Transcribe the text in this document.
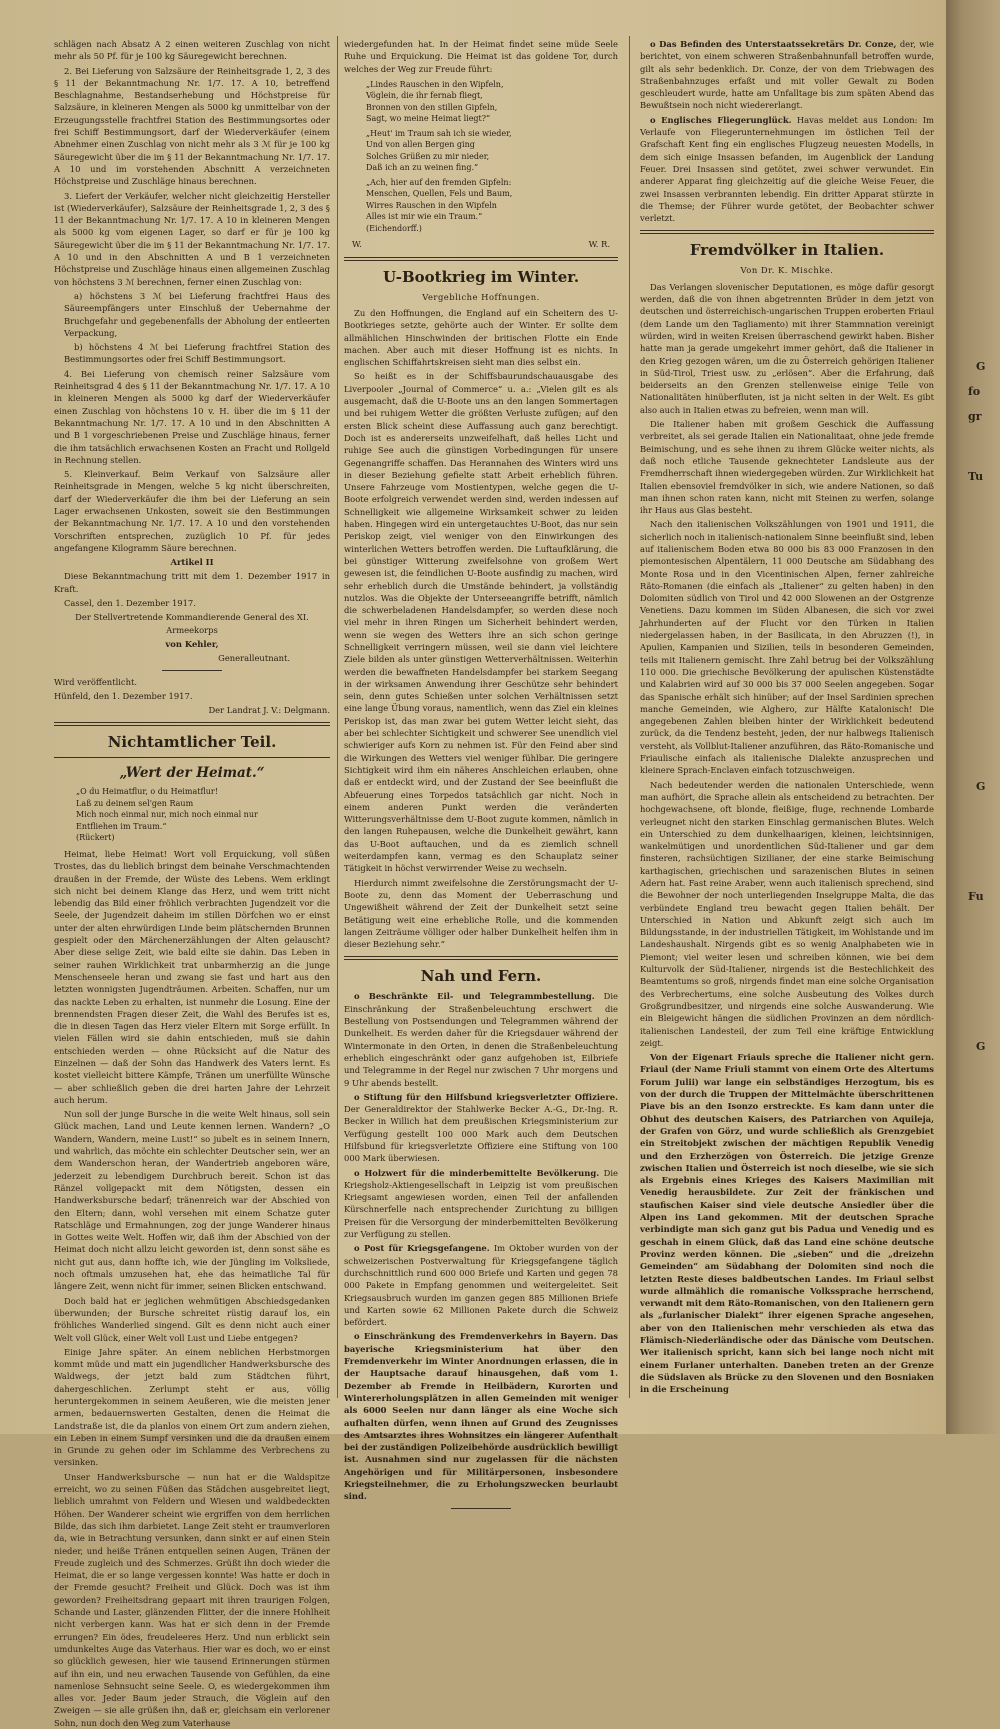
schlägen nach Absatz A 2 einen weiteren Zuschlag von nicht mehr als 50 Pf. für je 100 kg Säuregewicht berechnen.

2. Bei Lieferung von Salzsäure der Reinheitsgrade 1, 2, 3 des § 11 der Bekanntmachung Nr. 1/7. 17. A 10, betreffend Beschlagnahme, Bestandserhebung und Höchstpreise für Salzsäure, in kleineren Mengen als 5000 kg unmittelbar von der Erzeugungsstelle frachtfrei Station des Bestimmungsortes oder frei Schiff Bestimmungsort, darf der Wiederverkäufer (einem Abnehmer einen Zuschlag von nicht mehr als 3 ℳ für je 100 kg Säuregewicht über die im § 11 der Bekanntmachung Nr. 1/7. 17. A 10 und im vorstehenden Abschnitt A verzeichneten Höchstpreise und Zuschläge hinaus berechnen.

3. Liefert der Verkäufer, welcher nicht gleichzeitig Hersteller ist (Wiederverkäufer), Salzsäure der Reinheitsgrade 1, 2, 3 des § 11 der Bekanntmachung Nr. 1/7. 17. A 10 in kleineren Mengen als 5000 kg vom eigenen Lager, so darf er für je 100 kg Säuregewicht über die im § 11 der Bekanntmachung Nr. 1/7. 17. A 10 und in den Abschnitten A und B 1 verzeichneten Höchstpreise und Zuschläge hinaus einen allgemeinen Zuschlag von höchstens 3 ℳ berechnen, ferner einen Zuschlag von:

a) höchstens 3 ℳ bei Lieferung frachtfrei Haus des Säureempfängers unter Einschluß der Uebernahme der Bruchgefahr und gegebenenfalls der Abholung der entleerten Verpackung,

b) höchstens 4 ℳ bei Lieferung frachtfrei Station des Bestimmungsortes oder frei Schiff Bestimmungsort.

4. Bei Lieferung von chemisch reiner Salzsäure vom Reinheitsgrad 4 des § 11 der Bekanntmachung Nr. 1/7. 17. A 10 in kleineren Mengen als 5000 kg darf der Wiederverkäufer einen Zuschlag von höchstens 10 v. H. über die im § 11 der Bekanntmachung Nr. 1/7. 17. A 10 und in den Abschnitten A und B 1 vorgeschriebenen Preise und Zuschläge hinaus, ferner die ihm tatsächlich erwachsenen Kosten an Fracht und Rollgeld in Rechnung stellen.

5. Kleinverkauf. Beim Verkauf von Salzsäure aller Reinheitsgrade in Mengen, welche 5 kg nicht überschreiten, darf der Wiederverkäufer die ihm bei der Lieferung an sein Lager erwachsenen Unkosten, soweit sie den Bestimmungen der Bekanntmachung Nr. 1/7. 17. A 10 und den vorstehenden Vorschriften entsprechen, zuzüglich 10 Pf. für jedes angefangene Kilogramm Säure berechnen.

Artikel II

Diese Bekanntmachung tritt mit dem 1. Dezember 1917 in Kraft.

Cassel, den 1. Dezember 1917.

Der Stellvertretende Kommandierende General des XI. Armeekorps

von Kehler,

Generalleutnant.

Wird veröffentlicht.

Hünfeld, den 1. Dezember 1917.

Der Landrat J. V.: Delgmann.

Nichtamtlicher Teil.
„Wert der Heimat.“
„O du Heimatflur, o du Heimatflur!
Laß zu deinem sel'gen Raum
Mich noch einmal nur, mich noch einmal nur
Entfliehen im Traum.“
(Rückert)

Heimat, liebe Heimat! Wort voll Erquickung, voll süßen Trostes, das du lieblich bringst dem beinahe Verschmachtenden draußen in der Fremde, der Wüste des Lebens. Wem erklingt sich nicht bei deinem Klange das Herz, und wem tritt nicht lebendig das Bild einer fröhlich verbrachten Jugendzeit vor die Seele, der Jugendzeit daheim im stillen Dörfchen wo er einst unter der alten ehrwürdigen Linde beim plätschernden Brunnen gespielt oder den Märchenerzählungen der Alten gelauscht? Aber diese selige Zeit, wie bald eilte sie dahin. Das Leben in seiner rauhen Wirklichkeit trat unbarmherzig an die junge Menschenseele heran und zwang sie fast und hart aus den letzten wonnigsten Jugendträumen. Arbeiten. Schaffen, nur um das nackte Leben zu erhalten, ist nunmehr die Losung. Eine der brennendsten Fragen dieser Zeit, die Wahl des Berufes ist es, die in diesen Tagen das Herz vieler Eltern mit Sorge erfüllt. In vielen Fällen wird sie dahin entschieden, muß sie dahin entschieden werden — ohne Rücksicht auf die Natur des Einzelnen — daß der Sohn das Handwerk des Vaters lernt. Es kostet vielleicht bittere Kämpfe, Tränen um unerfüllte Wünsche — aber schließlich geben die drei harten Jahre der Lehrzeit auch herum.

Nun soll der junge Bursche in die weite Welt hinaus, soll sein Glück machen, Land und Leute kennen lernen. Wandern? „O Wandern, Wandern, meine Lust!“ so jubelt es in seinem Innern, und wahrlich, das möchte ein schlechter Deutscher sein, wer an dem Wanderschon heran, der Wandertrieb angeboren wäre, jederzeit zu lebendigem Durchbruch bereit. Schon ist das Ränzel vollgepackt mit dem Nötigsten, dessen ein Handwerksbursche bedarf; tränenreich war der Abschied von den Eltern; dann, wohl versehen mit einem Schatze guter Ratschläge und Ermahnungen, zog der junge Wanderer hinaus in Gottes weite Welt. Hoffen wir, daß ihm der Abschied von der Heimat doch nicht allzu leicht geworden ist, denn sonst sähe es nicht gut aus, dann hoffte ich, wie der Jüngling im Volksliede, noch oftmals umzusehen hat, ehe das heimatliche Tal für längere Zeit, wenn nicht für immer, seinen Blicken entschwand.

Doch bald hat er jeglichen wehmütigen Abschiedsgedanken überwunden; der Bursche schreitet rüstig darauf los, ein fröhliches Wanderlied singend. Gilt es denn nicht auch einer Welt voll Glück, einer Welt voll Lust und Liebe entgegen?

Einige Jahre später. An einem neblichen Herbstmorgen kommt müde und matt ein jugendlicher Handwerksbursche des Waldwegs, der jetzt bald zum Städtchen führt, dahergeschlichen. Zerlumpt steht er aus, völlig heruntergekommen in seinem Aeußeren, wie die meisten jener armen, bedauernswerten Gestalten, denen die Heimat die Landstraße ist, die da planlos von einem Ort zum andern ziehen, ein Leben in einem Sumpf versinken und die da draußen einem in Grunde zu gehen oder im Schlamme des Verbrechens zu versinken.

Unser Handwerksbursche — nun hat er die Waldspitze erreicht, wo zu seinen Füßen das Städchen ausgebreitet liegt, lieblich umrahmt von Feldern und Wiesen und waldbedeckten Höhen. Der Wanderer scheint wie ergriffen von dem herrlichen Bilde, das sich ihm darbietet. Lange Zeit steht er traumverloren da, wie in Betrachtung versunken, dann sinkt er auf einen Stein nieder, und heiße Tränen entquellen seinen Augen, Tränen der Freude zugleich und des Schmerzes. Grüßt ihn doch wieder die Heimat, die er so lange vergessen konnte! Was hatte er doch in der Fremde gesucht? Freiheit und Glück. Doch was ist ihm geworden? Freiheitsdrang gepaart mit ihren traurigen Folgen, Schande und Laster, glänzenden Flitter, der die innere Hohlheit nicht verbergen kann. Was hat er sich denn in der Fremde errungen? Ein ödes, freudeleeres Herz. Und nun erblickt sein umdunkeltes Auge das Vaterhaus. Hier war es doch, wo er einst so glücklich gewesen, hier wie tausend Erinnerungen stürmen auf ihn ein, und neu erwachen Tausende von Gefühlen, da eine namenlose Sehnsucht seine Seele. O, es wiedergekommen ihm alles vor. Jeder Baum jeder Strauch, die Vöglein auf den Zweigen — sie alle grüßen ihn, daß er, gleichsam ein verlorener Sohn, nun doch den Weg zum Vaterhause

wiedergefunden hat. In der Heimat findet seine müde Seele Ruhe und Erquickung. Die Heimat ist das goldene Tor, durch welches der Weg zur Freude führt:

„Lindes Rauschen in den Wipfeln,
Vöglein, die ihr fernab fliegt,
Bronnen von den stillen Gipfeln,
Sagt, wo meine Heimat liegt?“
„Heut' im Traum sah ich sie wieder,
Und von allen Bergen ging
Solches Grüßen zu mir nieder,
Daß ich an zu weinen fing.“
„Ach, hier auf den fremden Gipfeln:
Menschen, Quellen, Fels und Baum,
Wirres Rauschen in den Wipfeln
Alles ist mir wie ein Traum.“
(Eichendorff.)
W.	W. R.
U-Bootkrieg im Winter.
Vergebliche Hoffnungen.

Zu den Hoffnungen, die England auf ein Scheitern des U-Bootkrieges setzte, gehörte auch der Winter. Er sollte dem allmählichen Hinschwinden der britischen Flotte ein Ende machen. Aber auch mit dieser Hoffnung ist es nichts. In englischen Schiffahrtskreisen sieht man dies selbst ein.

So heißt es in der Schiffsbaurundschauausgabe des Liverpooler „Journal of Commerce“ u. a.: „Vielen gilt es als ausgemacht, daß die U-Boote uns an den langen Sommertagen und bei ruhigem Wetter die größten Verluste zufügen; auf den ersten Blick scheint diese Auffassung auch ganz berechtigt. Doch ist es andererseits unzweifelhaft, daß helles Licht und ruhige See auch die günstigen Vorbedingungen für unsere Gegenangriffe schaffen. Das Herannahen des Winters wird uns in dieser Beziehung gefielte statt Arbeit erheblich führen. Unsere Fahrzeuge vom Mostientypen, welche gegen die U-Boote erfolgreich verwendet werden sind, werden indessen auf Schnelligkeit wie allgemeine Wirksamkeit schwer zu leiden haben. Hingegen wird ein untergetauchtes U-Boot, das nur sein Periskop zeigt, viel weniger von den Einwirkungen des winterlichen Wetters betroffen werden. Die Luftaufklärung, die bei günstiger Witterung zweifelsohne von großem Wert gewesen ist, die feindlichen U-Boote ausfindig zu machen, wird sehr erheblich durch die Umstände behindert, ja vollständig nutzlos. Was die Objekte der Unterseeangriffe betrifft, nämlich die schwerbeladenen Handelsdampfer, so werden diese noch viel mehr in ihren Ringen um Sicherheit behindert werden, wenn sie wegen des Wetters ihre an sich schon geringe Schnelligkeit verringern müssen, weil sie dann viel leichtere Ziele bilden als unter günstigen Wetterverhältnissen. Weiterhin werden die bewaffneten Handelsdampfer bei starkem Seegang in der wirksamen Anwendung ihrer Geschütze sehr behindert sein, denn gutes Schießen unter solchen Verhältnissen setzt eine lange Übung voraus, namentlich, wenn das Ziel ein kleines Periskop ist, das man zwar bei gutem Wetter leicht sieht, das aber bei schlechter Sichtigkeit und schwerer See unendlich viel schwieriger aufs Korn zu nehmen ist. Für den Feind aber sind die Wirkungen des Wetters viel weniger fühlbar. Die geringere Sichtigkeit wird ihm ein näheres Anschleichen erlauben, ohne daß er entdeckt wird, und der Zustand der See beeinflußt die Abfeuerung eines Torpedos tatsächlich gar nicht. Noch in einem anderen Punkt werden die veränderten Witterungsverhältnisse dem U-Boot zugute kommen, nämlich in den langen Ruhepausen, welche die Dunkelheit gewährt, kann das U-Boot auftauchen, und da es ziemlich schnell weiterdampfen kann, vermag es den Schauplatz seiner Tätigkeit in höchst verwirrender Weise zu wechseln.

Hierdurch nimmt zweifelsohne die Zerstörungsmacht der U-Boote zu, denn das Moment der Ueberraschung und Ungewißheit während der Zeit der Dunkelheit setzt seine Betätigung weit eine erhebliche Rolle, und die kommenden langen Zeiträume völliger oder halber Dunkelheit helfen ihm in dieser Beziehung sehr.“

Nah und Fern.

o Beschränkte Eil- und Telegrammbestellung. Die Einschränkung der Straßenbeleuchtung erschwert die Bestellung von Postsendungen und Telegrammen während der Dunkelheit. Es werden daher für die Kriegsdauer während der Wintermonate in den Orten, in denen die Straßenbeleuchtung erheblich eingeschränkt oder ganz aufgehoben ist, Eilbriefe und Telegramme in der Regel nur zwischen 7 Uhr morgens und 9 Uhr abends bestellt.

o Stiftung für den Hilfsbund kriegsverletzter Offiziere. Der Generaldirektor der Stahlwerke Becker A.-G., Dr.-Ing. R. Becker in Willich hat dem preußischen Kriegsministerium zur Verfügung gestellt 100 000 Mark auch dem Deutschen Hilfsbund für kriegsverletzte Offiziere eine Stiftung von 100 000 Mark überwiesen.

o Holzwert für die minderbemittelte Bevölkerung. Die Kriegsholz-Aktiengesellschaft in Leipzig ist vom preußischen Kriegsamt angewiesen worden, einen Teil der anfallenden Kürschnerfelle nach entsprechender Zurichtung zu billigen Preisen für die Versorgung der minderbemittelten Bevölkerung zur Verfügung zu stellen.

o Post für Kriegsgefangene. Im Oktober wurden von der schweizerischen Postverwaltung für Kriegsgefangene täglich durchschnittlich rund 600 000 Briefe und Karten und gegen 78 000 Pakete in Empfang genommen und weitergeleitet. Seit Kriegsausbruch wurden im ganzen gegen 885 Millionen Briefe und Karten sowie 62 Millionen Pakete durch die Schweiz befördert.

o Einschränkung des Fremdenverkehrs in Bayern. Das bayerische Kriegsministerium hat über den Fremdenverkehr im Winter Anordnungen erlassen, die in der Hauptsache darauf hinausgehen, daß vom 1. Dezember ab Fremde in Heilbädern, Kurorten und Wintererholungsplätzen in allen Gemeinden mit weniger als 6000 Seelen nur dann länger als eine Woche sich aufhalten dürfen, wenn ihnen auf Grund des Zeugnisses des Amtsarztes ihres Wohnsitzes ein längerer Aufenthalt bei der zuständigen Polizeibehörde ausdrücklich bewilligt ist. Ausnahmen sind nur zugelassen für die nächsten Angehörigen und für Militärpersonen, insbesondere Kriegsteilnehmer, die zu Erholungszwecken beurlaubt sind.

o Das Befinden des Unterstaatssekretärs Dr. Conze, der, wie berichtet, von einem schweren Straßenbahnunfall betroffen wurde, gilt als sehr bedenklich. Dr. Conze, der von dem Triebwagen des Straßenbahnzuges erfaßt und mit voller Gewalt zu Boden geschleudert wurde, hatte am Unfalltage bis zum späten Abend das Bewußtsein noch nicht wiedererlangt.

o Englisches Fliegerunglück. Havas meldet aus London: Im Verlaufe von Fliegerunternehmungen im östlichen Teil der Grafschaft Kent fing ein englisches Flugzeug neuesten Modells, in dem sich einige Insassen befanden, im Augenblick der Landung Feuer. Drei Insassen sind getötet, zwei schwer verwundet. Ein anderer Apparat fing gleichzeitig auf die gleiche Weise Feuer, die zwei Insassen verbrannten lebendig. Ein dritter Apparat stürzte in die Themse; der Führer wurde getötet, der Beobachter schwer verletzt.

Fremdvölker in Italien.
Von Dr. K. Mischke.

Das Verlangen slovenischer Deputationen, es möge dafür gesorgt werden, daß die von ihnen abgetrennten Brüder in dem jetzt von deutschen und österreichisch-ungarischen Truppen eroberten Friaul (dem Lande um den Tagliamento) mit ihrer Stammnation vereinigt würden, wird in weiten Kreisen überraschend gewirkt haben. Bisher hatte man ja gerade umgekehrt immer gehört, daß die Italiener in den Krieg gezogen wären, um die zu Österreich gehörigen Italiener in Süd-Tirol, Triest usw. zu „erlösen“. Aber die Erfahrung, daß beiderseits an den Grenzen stellenweise einige Teile von Nationalitäten hinüberfluten, ist ja nicht selten in der Welt. Es gibt also auch in Italien etwas zu befreien, wenn man will.

Die Italiener haben mit großem Geschick die Auffassung verbreitet, als sei gerade Italien ein Nationalitaat, ohne jede fremde Beimischung, und es sehe ihnen zu ihrem Glücke weiter nichts, als daß noch etliche Tausende geknechteter Landsleute aus der Fremdherrschaft ihnen wiedergegeben würden. Zur Wirklichkeit hat Italien ebensoviel fremdvölker in sich, wie andere Nationen, so daß man ihnen schon raten kann, nicht mit Steinen zu werfen, solange ihr Haus aus Glas besteht.

Nach den italienischen Volkszählungen von 1901 und 1911, die sicherlich noch in italienisch-nationalem Sinne beeinflußt sind, leben auf italienischem Boden etwa 80 000 bis 83 000 Franzosen in den piemontesischen Alpentälern, 11 000 Deutsche am Südabhang des Monte Rosa und in den Vicentinischen Alpen, ferner zahlreiche Räto-Romanen (die einfach als „Italiener“ zu gelten haben) in den Dolomiten südlich von Tirol und 42 000 Slowenen an der Ostgrenze Venetiens. Dazu kommen im Süden Albanesen, die sich vor zwei Jahrhunderten auf der Flucht vor den Türken in Italien niedergelassen haben, in der Basilicata, in den Abruzzen (!), in Apulien, Kampanien und Sizilien, teils in besonderen Gemeinden, teils mit Italienern gemischt. Ihre Zahl betrug bei der Volkszählung 110 000. Die griechische Bevölkerung der apulischen Küstenstädte und Kalabrien wird auf 30 000 bis 37 000 Seelen angegeben. Sogar das Spanische erhält sich hinüber; auf der Insel Sardinien sprechen manche Gemeinden, wie Alghero, zur Hälfte Katalonisch! Die angegebenen Zahlen bleiben hinter der Wirklichkeit bedeutend zurück, da die Tendenz besteht, jeden, der nur halbwegs Italienisch versteht, als Vollblut-Italiener anzuführen, das Räto-Romanische und Friaulische einfach als italienische Dialekte anzusprechen und kleinere Sprach-Enclaven einfach totzuschweigen.

Nach bedeutender werden die nationalen Unterschiede, wenn man aufhört, die Sprache allein als entscheidend zu betrachten. Der hochgewachsene, oft blonde, fleißige, fluge, rechnende Lombarde verleugnet nicht den starken Einschlag germanischen Blutes. Welch ein Unterschied zu dem dunkelhaarigen, kleinen, leichtsinnigen, wankelmütigen und unordentlichen Süd-Italiener und gar dem finsteren, rachsüchtigen Sizilianer, der eine starke Beimischung karthagischen, griechischen und sarazenischen Blutes in seinen Adern hat. Fast reine Araber, wenn auch italienisch sprechend, sind die Bewohner der noch unterliegenden Inselgruppe Malta, die das verbündete England treu bewacht gegen Italien behält. Der Unterschied in Nation und Abkunft zeigt sich auch im Bildungsstande, in der industriellen Tätigkeit, im Wohlstande und im Landeshaushalt. Nirgends gibt es so wenig Analphabeten wie in Piemont; viel weiter lesen und schreiben können, wie bei dem Kulturvolk der Süd-Italiener, nirgends ist die Bestechlichkeit des Beamtentums so groß, nirgends findet man eine solche Organisation des Verbrechertums, eine solche Ausbeutung des Volkes durch Großgrundbesitzer, und nirgends eine solche Auswanderung. Wie ein Bleigewicht hängen die südlichen Provinzen an dem nördlich-italienischen Landesteil, der zum Teil eine kräftige Entwicklung zeigt.

Von der Eigenart Friauls spreche die Italiener nicht gern. Friaul (der Name Friuli stammt von einem Orte des Altertums Forum Julii) war lange ein selbständiges Herzogtum, bis es von der durch die Truppen der Mittelmächte überschrittenen Piave bis an den Isonzo erstreckte. Es kam dann unter die Obhut des deutschen Kaisers, des Patriarchen von Aquileja, der Grafen von Görz, und wurde schließlich als Grenzgebiet ein Streitobjekt zwischen der mächtigen Republik Venedig und den Erzherzögen von Österreich. Die jetzige Grenze zwischen Italien und Österreich ist noch dieselbe, wie sie sich als Ergebnis eines Krieges des Kaisers Maximilian mit Venedig herausbildete. Zur Zeit der fränkischen und staufischen Kaiser sind viele deutsche Ansiedler über die Alpen ins Land gekommen. Mit der deutschen Sprache verbindigte man sich ganz gut bis Padua und Venedig und es geschah in einem Glück, daß das Land eine schöne deutsche Provinz werden können. Die „sieben“ und die „dreizehn Gemeinden“ am Südabhang der Dolomiten sind noch die letzten Reste dieses baldbeutschen Landes. Im Friaul selbst wurde allmählich die romanische Volkssprache herrschend, verwandt mit dem Räto-Romanischen, von den Italienern gern als „furlanischer Dialekt“ ihrer eigenen Sprache angesehen, aber von den Italienischen mehr verschieden als etwa das Flämisch-Niederländische oder das Dänische vom Deutschen. Wer italienisch spricht, kann sich bei lange noch nicht mit einem Furlaner unterhalten. Daneben treten an der Grenze die Südslaven als Brücke zu den Slovenen und den Bosniaken in die Erscheinung

G
fo
gr
Tu
G
Fu
G
